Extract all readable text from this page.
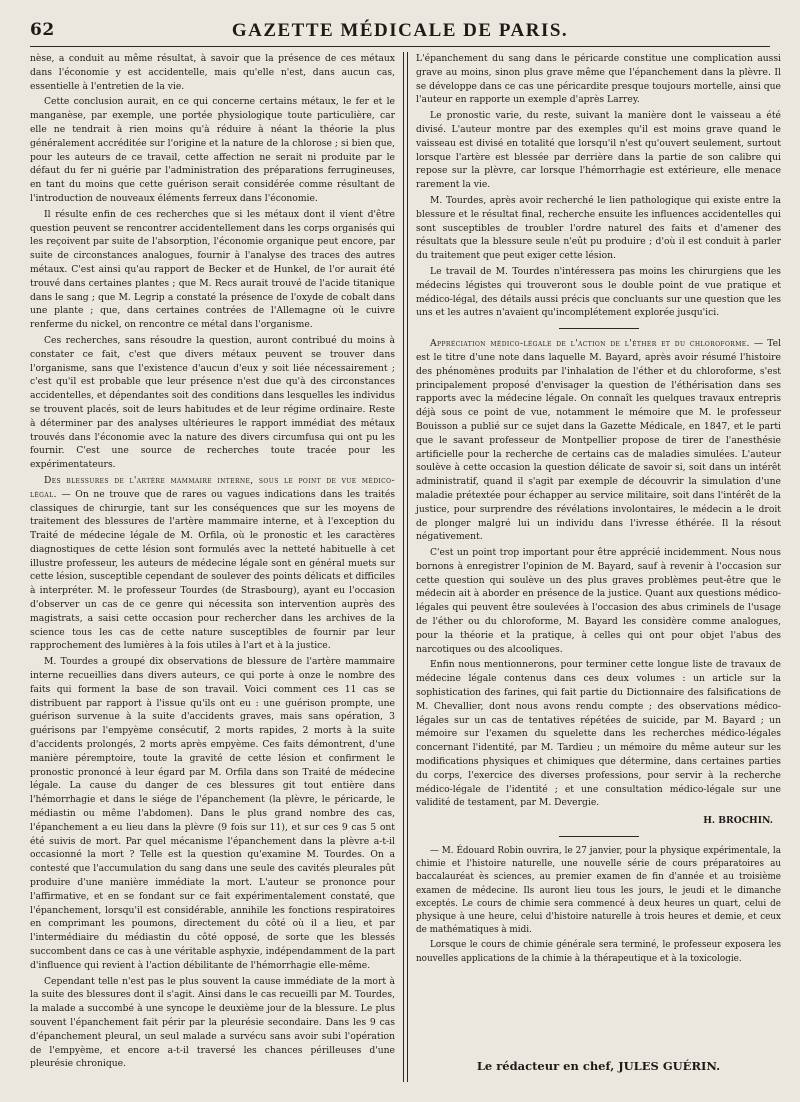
62	GAZETTE MÉDICALE DE PARIS.

nèse, a conduit au même résultat, à savoir que la présence de ces métaux dans l'économie y est accidentelle, mais qu'elle n'est, dans aucun cas, essentielle à l'entretien de la vie.

Cette conclusion aurait, en ce qui concerne certains métaux, le fer et le manganèse, par exemple, une portée physiologique toute particulière, car elle ne tendrait à rien moins qu'à réduire à néant la théorie la plus généralement accréditée sur l'origine et la nature de la chlorose ; si bien que, pour les auteurs de ce travail, cette affection ne serait ni produite par le défaut du fer ni guérie par l'administration des préparations ferrugineuses, en tant du moins que cette guérison serait considérée comme résultant de l'introduction de nouveaux éléments ferreux dans l'économie.

Il résulte enfin de ces recherches que si les métaux dont il vient d'être question peuvent se rencontrer accidentellement dans les corps organisés qui les reçoivent par suite de l'absorption, l'économie organique peut encore, par suite de circonstances analogues, fournir à l'analyse des traces des autres métaux. C'est ainsi qu'au rapport de Becker et de Hunkel, de l'or aurait été trouvé dans certaines plantes ; que M. Recs aurait trouvé de l'acide titanique dans le sang ; que M. Legrip a constaté la présence de l'oxyde de cobalt dans une plante ; que, dans certaines contrées de l'Allemagne où le cuivre renferme du nickel, on rencontre ce métal dans l'organisme.

Ces recherches, sans résoudre la question, auront contribué du moins à constater ce fait, c'est que divers métaux peuvent se trouver dans l'organisme, sans que l'existence d'aucun d'eux y soit liée nécessairement ; c'est qu'il est probable que leur présence n'est due qu'à des circonstances accidentelles, et dépendantes soit des conditions dans lesquelles les individus se trouvent placés, soit de leurs habitudes et de leur régime ordinaire. Reste à déterminer par des analyses ultérieures le rapport immédiat des métaux trouvés dans l'économie avec la nature des divers circumfusa qui ont pu les fournir. C'est une source de recherches toute tracée pour les expérimentateurs.

Des blessures de l'artère mammaire interne, sous le point de vue médico-légal. — On ne trouve que de rares ou vagues indications dans les traités classiques de chirurgie, tant sur les conséquences que sur les moyens de traitement des blessures de l'artère mammaire interne, et à l'exception du Traité de médecine légale de M. Orfila, où le pronostic et les caractères diagnostiques de cette lésion sont formulés avec la netteté habituelle à cet illustre professeur, les auteurs de médecine légale sont en général muets sur cette lésion, susceptible cependant de soulever des points délicats et difficiles à interpréter. M. le professeur Tourdes (de Strasbourg), ayant eu l'occasion d'observer un cas de ce genre qui nécessita son intervention auprès des magistrats, a saisi cette occasion pour rechercher dans les archives de la science tous les cas de cette nature susceptibles de fournir par leur rapprochement des lumières à la fois utiles à l'art et à la justice.

M. Tourdes a groupé dix observations de blessure de l'artère mammaire interne recueillies dans divers auteurs, ce qui porte à onze le nombre des faits qui forment la base de son travail. Voici comment ces 11 cas se distribuent par rapport à l'issue qu'ils ont eu : une guérison prompte, une guérison survenue à la suite d'accidents graves, mais sans opération, 3 guérisons par l'empyème consécutif, 2 morts rapides, 2 morts à la suite d'accidents prolongés, 2 morts après empyème. Ces faits démontrent, d'une manière péremptoire, toute la gravité de cette lésion et confirment le pronostic prononcé à leur égard par M. Orfila dans son Traité de médecine légale. La cause du danger de ces blessures git tout entière dans l'hémorrhagie et dans le siége de l'épanchement (la plèvre, le péricarde, le médiastin ou même l'abdomen). Dans le plus grand nombre des cas, l'épanchement a eu lieu dans la plèvre (9 fois sur 11), et sur ces 9 cas 5 ont été suivis de mort. Par quel mécanisme l'épanchement dans la plèvre a-t-il occasionné la mort ? Telle est la question qu'examine M. Tourdes. On a contesté que l'accumulation du sang dans une seule des cavités pleurales pût produire d'une manière immédiate la mort. L'auteur se prononce pour l'affirmative, et en se fondant sur ce fait expérimentalement constaté, que l'épanchement, lorsqu'il est considérable, annihile les fonctions respiratoires en comprimant les poumons, directement du côté où il a lieu, et par l'intermédiaire du médiastin du côté opposé, de sorte que les blessés succombent dans ce cas à une véritable asphyxie, indépendamment de la part d'influence qui revient à l'action débilitante de l'hémorrhagie elle-même.

Cependant telle n'est pas le plus souvent la cause immédiate de la mort à la suite des blessures dont il s'agit. Ainsi dans le cas recueilli par M. Tourdes, la malade a succombé à une syncope le deuxième jour de la blessure. Le plus souvent l'épanchement fait périr par la pleurésie secondaire. Dans les 9 cas d'épanchement pleural, un seul malade a survécu sans avoir subi l'opération de l'empyème, et encore a-t-il traversé les chances périlleuses d'une pleurésie chronique.

L'épanchement du sang dans le péricarde constitue une complication aussi grave au moins, sinon plus grave même que l'épanchement dans la plèvre. Il se développe dans ce cas une péricardite presque toujours mortelle, ainsi que l'auteur en rapporte un exemple d'après Larrey.

Le pronostic varie, du reste, suivant la manière dont le vaisseau a été divisé. L'auteur montre par des exemples qu'il est moins grave quand le vaisseau est divisé en totalité que lorsqu'il n'est qu'ouvert seulement, surtout lorsque l'artère est blessée par derrière dans la partie de son calibre qui repose sur la plèvre, car lorsque l'hémorrhagie est extérieure, elle menace rarement la vie.

M. Tourdes, après avoir recherché le lien pathologique qui existe entre la blessure et le résultat final, recherche ensuite les influences accidentelles qui sont susceptibles de troubler l'ordre naturel des faits et d'amener des résultats que la blessure seule n'eût pu produire ; d'où il est conduit à parler du traitement que peut exiger cette lésion.

Le travail de M. Tourdes n'intéressera pas moins les chirurgiens que les médecins légistes qui trouveront sous le double point de vue pratique et médico-légal, des détails aussi précis que concluants sur une question que les uns et les autres n'avaient qu'incomplétement explorée jusqu'ici.

Appréciation médico-légale de l'action de l'éther et du chloroforme. — Tel est le titre d'une note dans laquelle M. Bayard, après avoir résumé l'histoire des phénomènes produits par l'inhalation de l'éther et du chloroforme, s'est principalement proposé d'envisager la question de l'éthérisation dans ses rapports avec la médecine légale. On connaît les quelques travaux entrepris déjà sous ce point de vue, notamment le mémoire que M. le professeur Bouisson a publié sur ce sujet dans la Gazette Médicale, en 1847, et le parti que le savant professeur de Montpellier propose de tirer de l'anesthésie artificielle pour la recherche de certains cas de maladies simulées. L'auteur soulève à cette occasion la question délicate de savoir si, soit dans un intérêt administratif, quand il s'agit par exemple de découvrir la simulation d'une maladie prétextée pour échapper au service militaire, soit dans l'intérêt de la justice, pour surprendre des révélations involontaires, le médecin a le droit de plonger malgré lui un individu dans l'ivresse éthérée. Il la résout négativement.

C'est un point trop important pour être apprécié incidemment. Nous nous bornons à enregistrer l'opinion de M. Bayard, sauf à revenir à l'occasion sur cette question qui soulève un des plus graves problèmes peut-être que le médecin ait à aborder en présence de la justice. Quant aux questions médico-légales qui peuvent être soulevées à l'occasion des abus criminels de l'usage de l'éther ou du chloroforme, M. Bayard les considère comme analogues, pour la théorie et la pratique, à celles qui ont pour objet l'abus des narcotiques ou des alcooliques.

Enfin nous mentionnerons, pour terminer cette longue liste de travaux de médecine légale contenus dans ces deux volumes : un article sur la sophistication des farines, qui fait partie du Dictionnaire des falsifications de M. Chevallier, dont nous avons rendu compte ; des observations médico-légales sur un cas de tentatives répétées de suicide, par M. Bayard ; un mémoire sur l'examen du squelette dans les recherches médico-légales concernant l'identité, par M. Tardieu ; un mémoire du même auteur sur les modifications physiques et chimiques que détermine, dans certaines parties du corps, l'exercice des diverses professions, pour servir à la recherche médico-légale de l'identité ; et une consultation médico-légale sur une validité de testament, par M. Devergie.

H. BROCHIN.

— M. Édouard Robin ouvrira, le 27 janvier, pour la physique expérimentale, la chimie et l'histoire naturelle, une nouvelle série de cours préparatoires au baccalauréat ès sciences, au premier examen de fin d'année et au troisième examen de médecine. Ils auront lieu tous les jours, le jeudi et le dimanche exceptés. Le cours de chimie sera commencé à deux heures un quart, celui de physique à une heure, celui d'histoire naturelle à trois heures et demie, et ceux de mathématiques à midi.

Lorsque le cours de chimie générale sera terminé, le professeur exposera les nouvelles applications de la chimie à la thérapeutique et à la toxicologie.

Le rédacteur en chef, JULES GUÉRIN.
